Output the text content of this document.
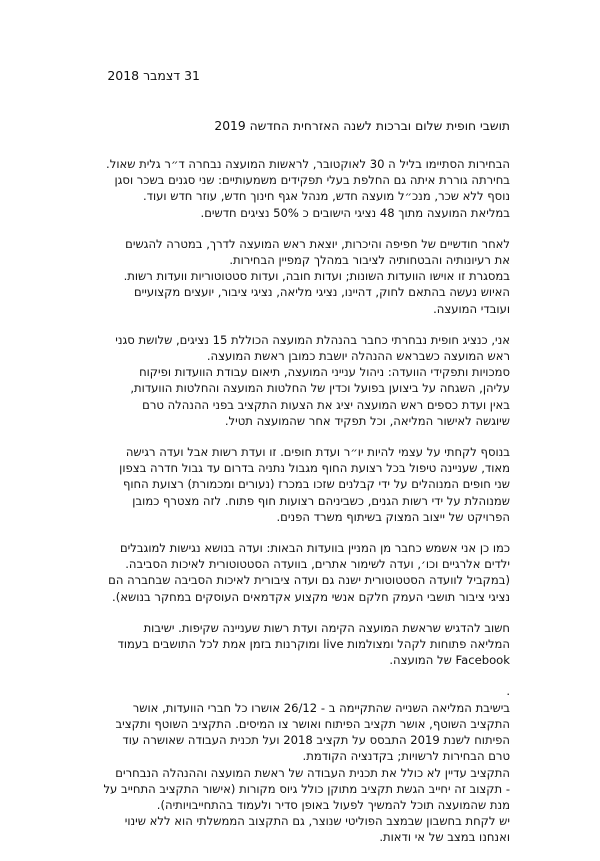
31 דצמבר 2018
תושבי חופית שלום וברכות לשנה האזרחית החדשה 2019
הבחירות הסתיימו בליל ה 30 לאוקטובר, לראשות המועצה נבחרה ד״ר גלית שאול.
בחירתה גוררת איתה גם החלפת בעלי תפקידים משמעותיים: שני סגנים בשכר וסגן
נוסף ללא שכר, מנכ״ל מועצה חדש, מנהל אגף חינוך חדש, עוזר חדש ועוד.
במליאת המועצה מתוך 48 נציגי הישובים כ 50% נציגים חדשים.
לאחר חודשיים של חפיפה והיכרות, יוצאת ראש המועצה לדרך, במטרה להגשים
את רעיונותיה והבטחותיה לציבור במהלך קמפיין הבחירות.
במסגרת זו אוישו הוועדות השונות; ועדות חובה, ועדות סטטוטוריות וועדות רשות.
האיוש נעשה בהתאם לחוק, דהיינו, נציגי מליאה, נציגי ציבור, יועצים מקצועיים
ועובדי המועצה.
אני, כנציג חופית נבחרתי כחבר בהנהלת המועצה הכוללת 15 נציגים, שלושת סגני
ראש המועצה כשבראש ההנהלה יושבת כמובן ראשת המועצה.
סמכויות ותפקידי הוועדה: ניהול ענייני המועצה, תיאום עבודת הוועדות ופיקוח
עליהן, השגחה על ביצוען בפועל וכדין של החלטות המועצה והחלטות הוועדות,
באין ועדת כספים ראש המועצה יציג את הצעות התקציב בפני ההנהלה טרם
שיוגשה לאישור המליאה, וכל תפקיד אחר שהמועצה תטיל.
בנוסף לקחתי על עצמי להיות יו״ר ועדת חופים. זו ועדת רשות אבל ועדה רגישה
מאוד, שעניינה טיפול בכל רצועת החוף מגבול נתניה בדרום עד גבול חדרה בצפון
שני חופים המנוהלים על ידי קבלנים שזכו במכרז (נעורים ומכמורת) רצועת החוף
שמנוהלת על ידי רשות הגנים, כשביניהם רצועות חוף פתוח. לזה מצטרף כמובן
הפרויקט של ייצוב המצוק בשיתוף משרד הפנים.
כמו כן אני אשמש כחבר מן המניין בוועדות הבאות: ועדה בנושא נגישות למוגבלים
ילדים אלרגיים וכו׳, ועדה לשימור אתרים, בוועדה הסטטוטורית לאיכות הסביבה.
(במקביל לוועדה הסטטוטורית ישנה גם ועדה ציבורית לאיכות הסביבה שבחברה הם
נציגי ציבור תושבי העמק חלקם אנשי מקצוע אקדמאים העוסקים במחקר בנושא).
חשוב להדגיש שראשת המועצה הקימה ועדת רשות שעניינה שקיפות. ישיבות
המליאה פתוחות לקהל ומצולמות live ומוקרנות בזמן אמת לכל התושבים בעמוד
Facebook של המועצה.
.
בישיבת המליאה השנייה שהתקיימה ב - 26/12 אושרו כל חברי הוועדות, אושר
התקציב השוטף, אושר תקציב הפיתוח ואושר צו המיסים. התקציב השוטף ותקציב
הפיתוח לשנת 2019 התבסס על תקציב 2018 ועל תכנית העבודה שאושרה עוד
טרם הבחירות לרשויות; בקדנציה הקודמת.
התקציב עדיין לא כולל את תכנית העבודה של ראשת המועצה וההנהלה הנבחרים
- תקצוב זה יחייב הגשת תקציב מתוקן כולל גיוס מקורות (אישור התקציב התחייב על
מנת שהמועצה תוכל להמשיך לפעול באופן סדיר ולעמוד בהתחייבויותיה).
יש לקחת בחשבון שבמצב הפוליטי שנוצר, גם התקצוב הממשלתי הוא ללא שינוי
ואנחנו במצב של אי ודאות.
